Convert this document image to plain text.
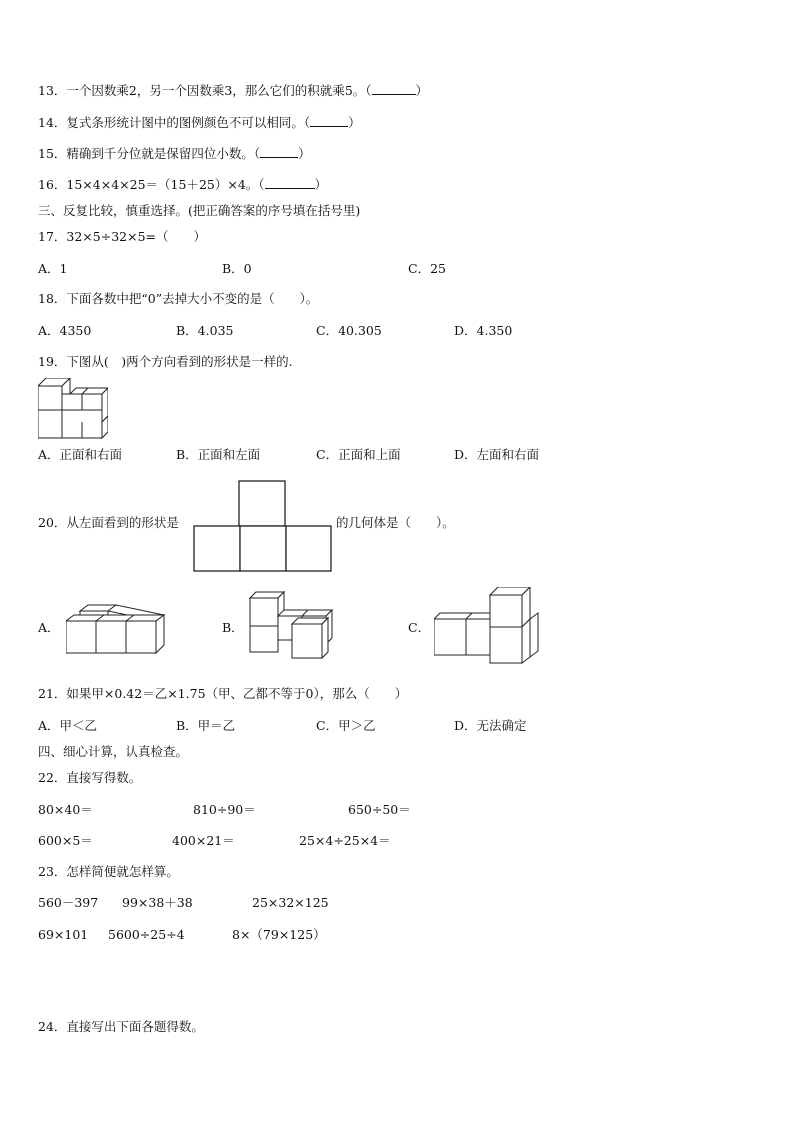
13．一个因数乘2，另一个因数乘3，那么它们的积就乘5。（	）
14．复式条形统计图中的图例颜色不可以相同。（	）
15．精确到千分位就是保留四位小数。（	）
16．15×4×4×25＝（15＋25）×4。（	）
三、反复比较，慎重选择。(把正确答案的序号填在括号里)
17．32×5÷32×5=（　　）
A．1	B．0	C．25
18．下面各数中把“0”去掉大小不变的是（　　）。
A．4350	B．4.035	C．40.305	D．4.350
19．下图从(　)两个方向看到的形状是一样的.
A．正面和右面	B．正面和左面	C．正面和上面	D．左面和右面
20．从左面看到的形状是	的几何体是（　　）。
A．	B．	C．
21．如果甲×0.42＝乙×1.75（甲、乙都不等于0），那么（　　）
A．甲＜乙	B．甲＝乙	C．甲＞乙	D．无法确定
四、细心计算，认真检查。
22．直接写得数。
80×40＝	810÷90＝	650÷50＝
600×5＝	400×21＝	25×4÷25×4＝
23．怎样简便就怎样算。
560－397 99×38＋38	25×32×125
69×101 5600÷25÷4	8×（79×125）
24．直接写出下面各题得数。
